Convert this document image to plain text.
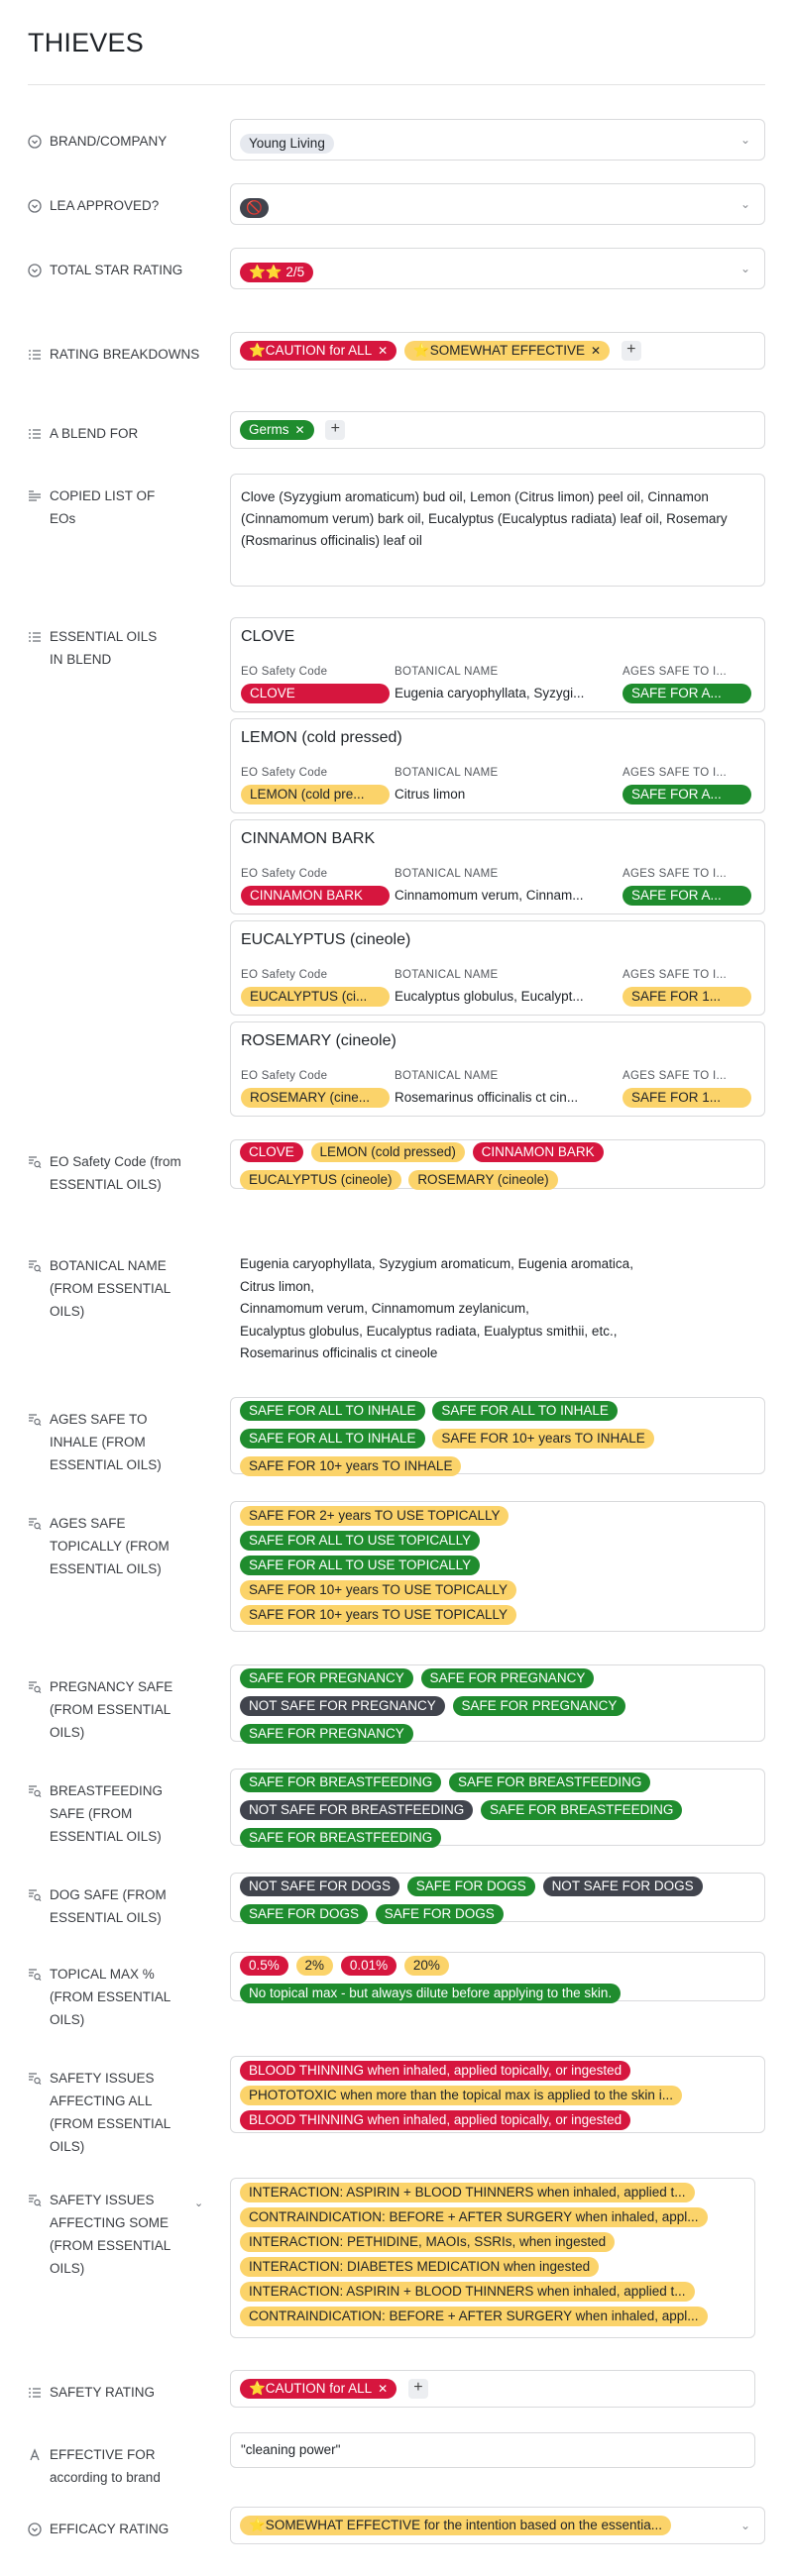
THIEVES
BRAND/COMPANY	Young Living	⌄
LEA APPROVED?	🚫	⌄
TOTAL STAR RATING	⭐⭐ 2/5	⌄
RATING BREAKDOWNS	⭐CAUTION for ALL ✕ ⭐SOMEWHAT EFFECTIVE ✕ +
A BLEND FOR	Germs ✕ +
COPIED LIST OF EOs
Clove (Syzygium aromaticum) bud oil, Lemon (Citrus limon) peel oil, Cinnamon (Cinnamomum verum) bark oil, Eucalyptus (Eucalyptus radiata) leaf oil, Rosemary (Rosmarinus officinalis) leaf oil
ESSENTIAL OILS IN BLEND
CLOVE
EO Safety Code	BOTANICAL NAME	AGES SAFE TO I...
CLOVE	Eugenia caryophyllata, Syzygi...	SAFE FOR A...
LEMON (cold pressed)
EO Safety Code	BOTANICAL NAME	AGES SAFE TO I...
LEMON (cold pre...	Citrus limon	SAFE FOR A...
CINNAMON BARK
EO Safety Code	BOTANICAL NAME	AGES SAFE TO I...
CINNAMON BARK	Cinnamomum verum, Cinnam...	SAFE FOR A...
EUCALYPTUS (cineole)
EO Safety Code	BOTANICAL NAME	AGES SAFE TO I...
EUCALYPTUS (ci...	Eucalyptus globulus, Eucalypt...	SAFE FOR 1...
ROSEMARY (cineole)
EO Safety Code	BOTANICAL NAME	AGES SAFE TO I...
ROSEMARY (cine...	Rosemarinus officinalis ct cin...	SAFE FOR 1...
EO Safety Code (from ESSENTIAL OILS)
CLOVE LEMON (cold pressed) CINNAMON BARK EUCALYPTUS (cineole) ROSEMARY (cineole)
BOTANICAL NAME (FROM ESSENTIAL OILS)
Eugenia caryophyllata, Syzygium aromaticum, Eugenia aromatica,
Citrus limon,
Cinnamomum verum, Cinnamomum zeylanicum,
Eucalyptus globulus, Eucalyptus radiata, Eualyptus smithii, etc.,
Rosemarinus officinalis ct cineole
AGES SAFE TO INHALE (FROM ESSENTIAL OILS)
SAFE FOR ALL TO INHALE SAFE FOR ALL TO INHALE
SAFE FOR ALL TO INHALE SAFE FOR 10+ years TO INHALE
SAFE FOR 10+ years TO INHALE
AGES SAFE TOPICALLY (FROM ESSENTIAL OILS)
SAFE FOR 2+ years TO USE TOPICALLY
SAFE FOR ALL TO USE TOPICALLY
SAFE FOR ALL TO USE TOPICALLY
SAFE FOR 10+ years TO USE TOPICALLY
SAFE FOR 10+ years TO USE TOPICALLY
PREGNANCY SAFE (FROM ESSENTIAL OILS)
SAFE FOR PREGNANCY SAFE FOR PREGNANCY
NOT SAFE FOR PREGNANCY SAFE FOR PREGNANCY
SAFE FOR PREGNANCY
BREASTFEEDING SAFE (FROM ESSENTIAL OILS)
SAFE FOR BREASTFEEDING SAFE FOR BREASTFEEDING
NOT SAFE FOR BREASTFEEDING SAFE FOR BREASTFEEDING
SAFE FOR BREASTFEEDING
DOG SAFE (FROM ESSENTIAL OILS)
NOT SAFE FOR DOGS SAFE FOR DOGS NOT SAFE FOR DOGS
SAFE FOR DOGS SAFE FOR DOGS
TOPICAL MAX % (FROM ESSENTIAL OILS)
0.5% 2% 0.01% 20%
No topical max - but always dilute before applying to the skin.
SAFETY ISSUES AFFECTING ALL (FROM ESSENTIAL OILS)
BLOOD THINNING when inhaled, applied topically, or ingested
PHOTOTOXIC when more than the topical max is applied to the skin i...
BLOOD THINNING when inhaled, applied topically, or ingested
SAFETY ISSUES AFFECTING SOME (FROM ESSENTIAL OILS)
⌄
INTERACTION: ASPIRIN + BLOOD THINNERS when inhaled, applied t...
CONTRAINDICATION: BEFORE + AFTER SURGERY when inhaled, appl...
INTERACTION: PETHIDINE, MAOIs, SSRIs, when ingested
INTERACTION: DIABETES MEDICATION when ingested
INTERACTION: ASPIRIN + BLOOD THINNERS when inhaled, applied t...
CONTRAINDICATION: BEFORE + AFTER SURGERY when inhaled, appl...
SAFETY RATING	⭐CAUTION for ALL ✕ +
EFFECTIVE FOR according to brand
"cleaning power"
EFFICACY RATING	⭐SOMEWHAT EFFECTIVE for the intention based on the essentia...	⌄
